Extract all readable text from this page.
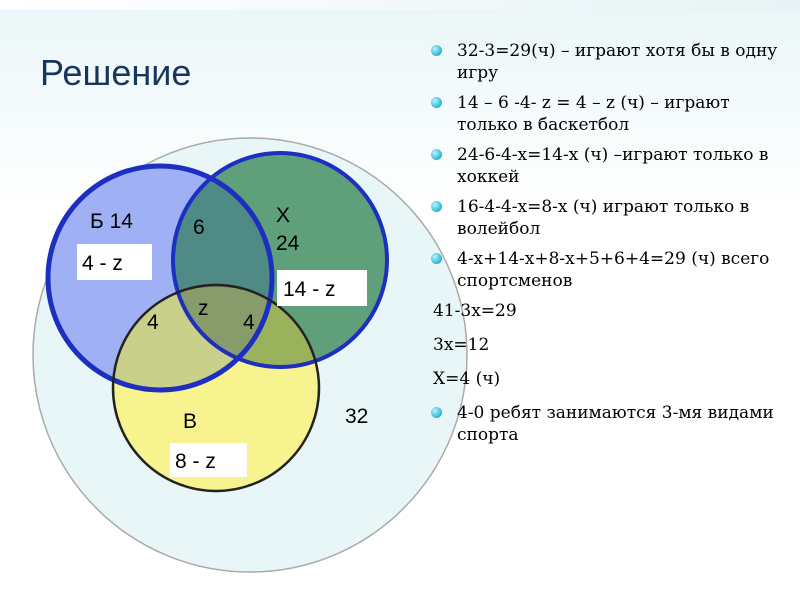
Решение
Б 14	Х
24
В	32
6
4	4
z
4 - z
14 - z
8 - z
32-3=29(ч) – играют хотя бы в одну игру
14 – 6 -4- z = 4 – z (ч) – играют только в баскетбол
24-6-4-x=14-x (ч) –играют только в хоккей
16-4-4-x=8-x (ч) играют только в волейбол
4-x+14-x+8-x+5+6+4=29 (ч) всего спортсменов
41-3x=29
3x=12
X=4 (ч)
4-0 ребят занимаются 3-мя видами спорта
